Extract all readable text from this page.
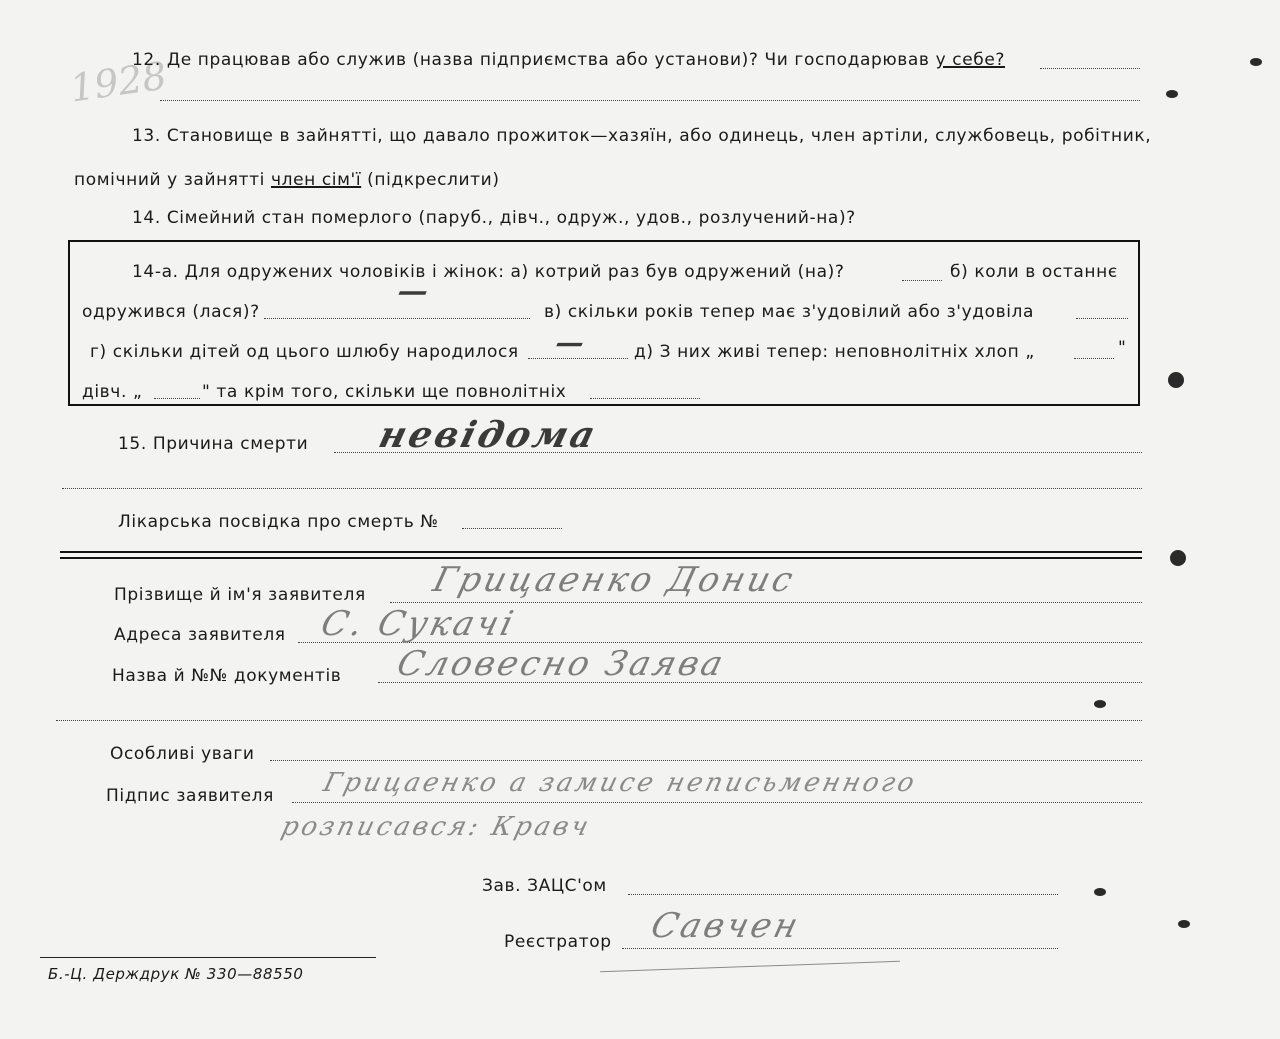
1928
12. Де працював або служив (назва підприємства або установи)? Чи господарював у себе?
13. Становище в зайнятті, що давало прожиток—хазяїн, або одинець, член артіли, службовець, робітник,
помічний у зайнятті член сім'ї (підкреслити)
14. Сімейний стан померлого (паруб., дівч., одруж., удов., розлучений-на)?
14-а. Для одружених чоловіків і жінок: а) котрий раз був одружений (на)?	б) коли в останнє
одружився (лася)?
—
в) скільки років тепер має з'удовілий або з'удовіла
г) скільки дітей од цього шлюбу народилося —	д) З них живі тепер: неповнолітніх хлоп „	"
дівч. „	" та крім того, скільки ще повнолітніх
15. Причина смерти невідома
Лікарська посвідка про смерть №
Прізвище й ім'я заявителя Грицаенко Донис
Адреса заявителя С. Сукачі
Назва й №№ документів Словесно Заява
Особливі уваги
Підпис заявителя Грицаенко а замисе неписьменного
розписався: Кравч
Зав. ЗАЦС'ом
Реєстратор Савчен
Б.-Ц. Держдрук № 330—88550
